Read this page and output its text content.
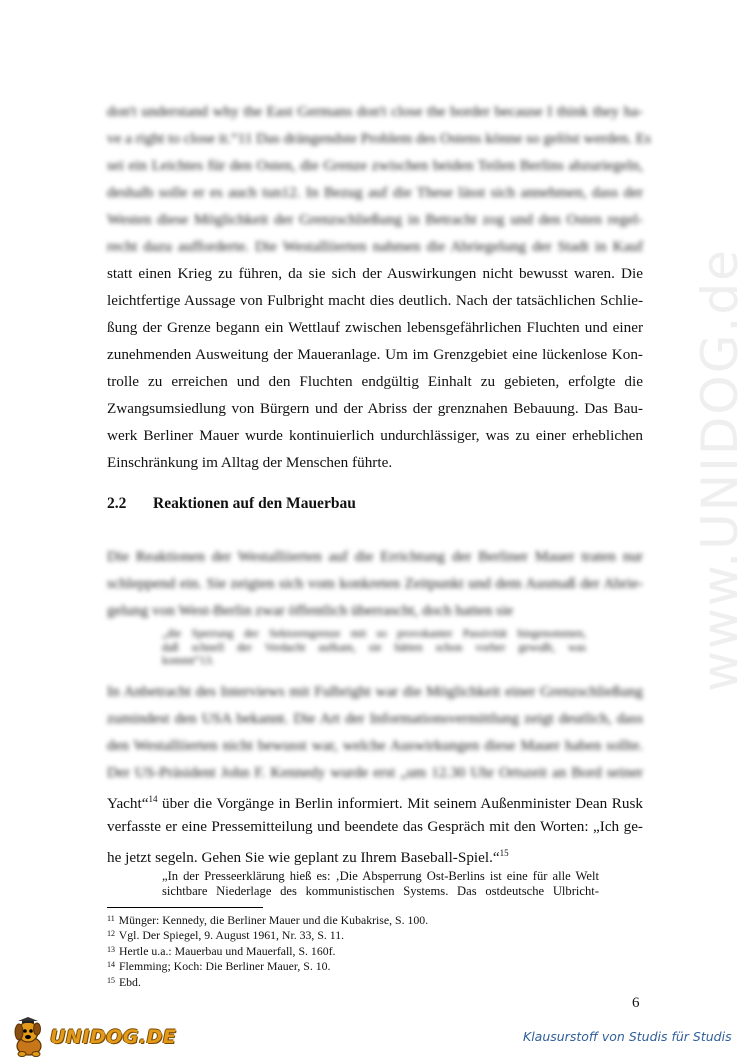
www.UNIDOG.de
don't understand why the East Germans don't close the border because I think they ha-
ve a right to close it.“11 Das drängendste Problem des Ostens könne so gelöst werden. Es
sei ein Leichtes für den Osten, die Grenze zwischen beiden Teilen Berlins abzuriegeln,
deshalb solle er es auch tun12. In Bezug auf die These lässt sich annehmen, dass der
Westen diese Möglichkeit der Grenzschließung in Betracht zog und den Osten regel-
recht dazu aufforderte. Die Westalliierten nahmen die Abriegelung der Stadt in Kauf
statt einen Krieg zu führen, da sie sich der Auswirkungen nicht bewusst waren. Die
leichtfertige Aussage von Fulbright macht dies deutlich. Nach der tatsächlichen Schlie-
ßung der Grenze begann ein Wettlauf zwischen lebensgefährlichen Fluchten und einer
zunehmenden Ausweitung der Maueranlage. Um im Grenzgebiet eine lückenlose Kon-
trolle zu erreichen und den Fluchten endgültig Einhalt zu gebieten, erfolgte die
Zwangsumsiedlung von Bürgern und der Abriss der grenznahen Bebauung. Das Bau-
werk Berliner Mauer wurde kontinuierlich undurchlässiger, was zu einer erheblichen
Einschränkung im Alltag der Menschen führte.
2.2 Reaktionen auf den Mauerbau
Die Reaktionen der Westalliierten auf die Errichtung der Berliner Mauer traten nur
schleppend ein. Sie zeigten sich vom konkreten Zeitpunkt und dem Ausmaß der Abrie-
gelung von West-Berlin zwar öffentlich überrascht, doch hatten sie
„die Sperrung der Sektorengrenze mit so provokanter Passivität hingenommen,
daß schnell der Verdacht aufkam, sie hätten schon vorher gewußt, was
kommt“13.
In Anbetracht des Interviews mit Fulbright war die Möglichkeit einer Grenzschließung
zumindest den USA bekannt. Die Art der Informationsvermittlung zeigt deutlich, dass
den Westalliierten nicht bewusst war, welche Auswirkungen diese Mauer haben sollte.
Der US-Präsident John F. Kennedy wurde erst „um 12.30 Uhr Ortszeit an Bord seiner
Yacht“$^{14}$ über die Vorgänge in Berlin informiert. Mit seinem Außenminister Dean Rusk
verfasste er eine Pressemitteilung und beendete das Gespräch mit den Worten: „Ich ge-
he jetzt segeln. Gehen Sie wie geplant zu Ihrem Baseball-Spiel.“$^{15}$
„In der Presseerklärung hieß es: ‚Die Absperrung Ost-Berlins ist eine für alle Welt
sichtbare Niederlage des kommunistischen Systems. Das ostdeutsche Ulbricht-
$^{11}$ Münger: Kennedy, die Berliner Mauer und die Kubakrise, S. 100.
$^{12}$ Vgl. Der Spiegel, 9. August 1961, Nr. 33, S. 11.
$^{13}$ Hertle u.a.: Mauerbau und Mauerfall, S. 160f.
$^{14}$ Flemming; Koch: Die Berliner Mauer, S. 10.
$^{15}$ Ebd.
6
UNIDOG.DE	Klausurstoff von Studis für Studis
